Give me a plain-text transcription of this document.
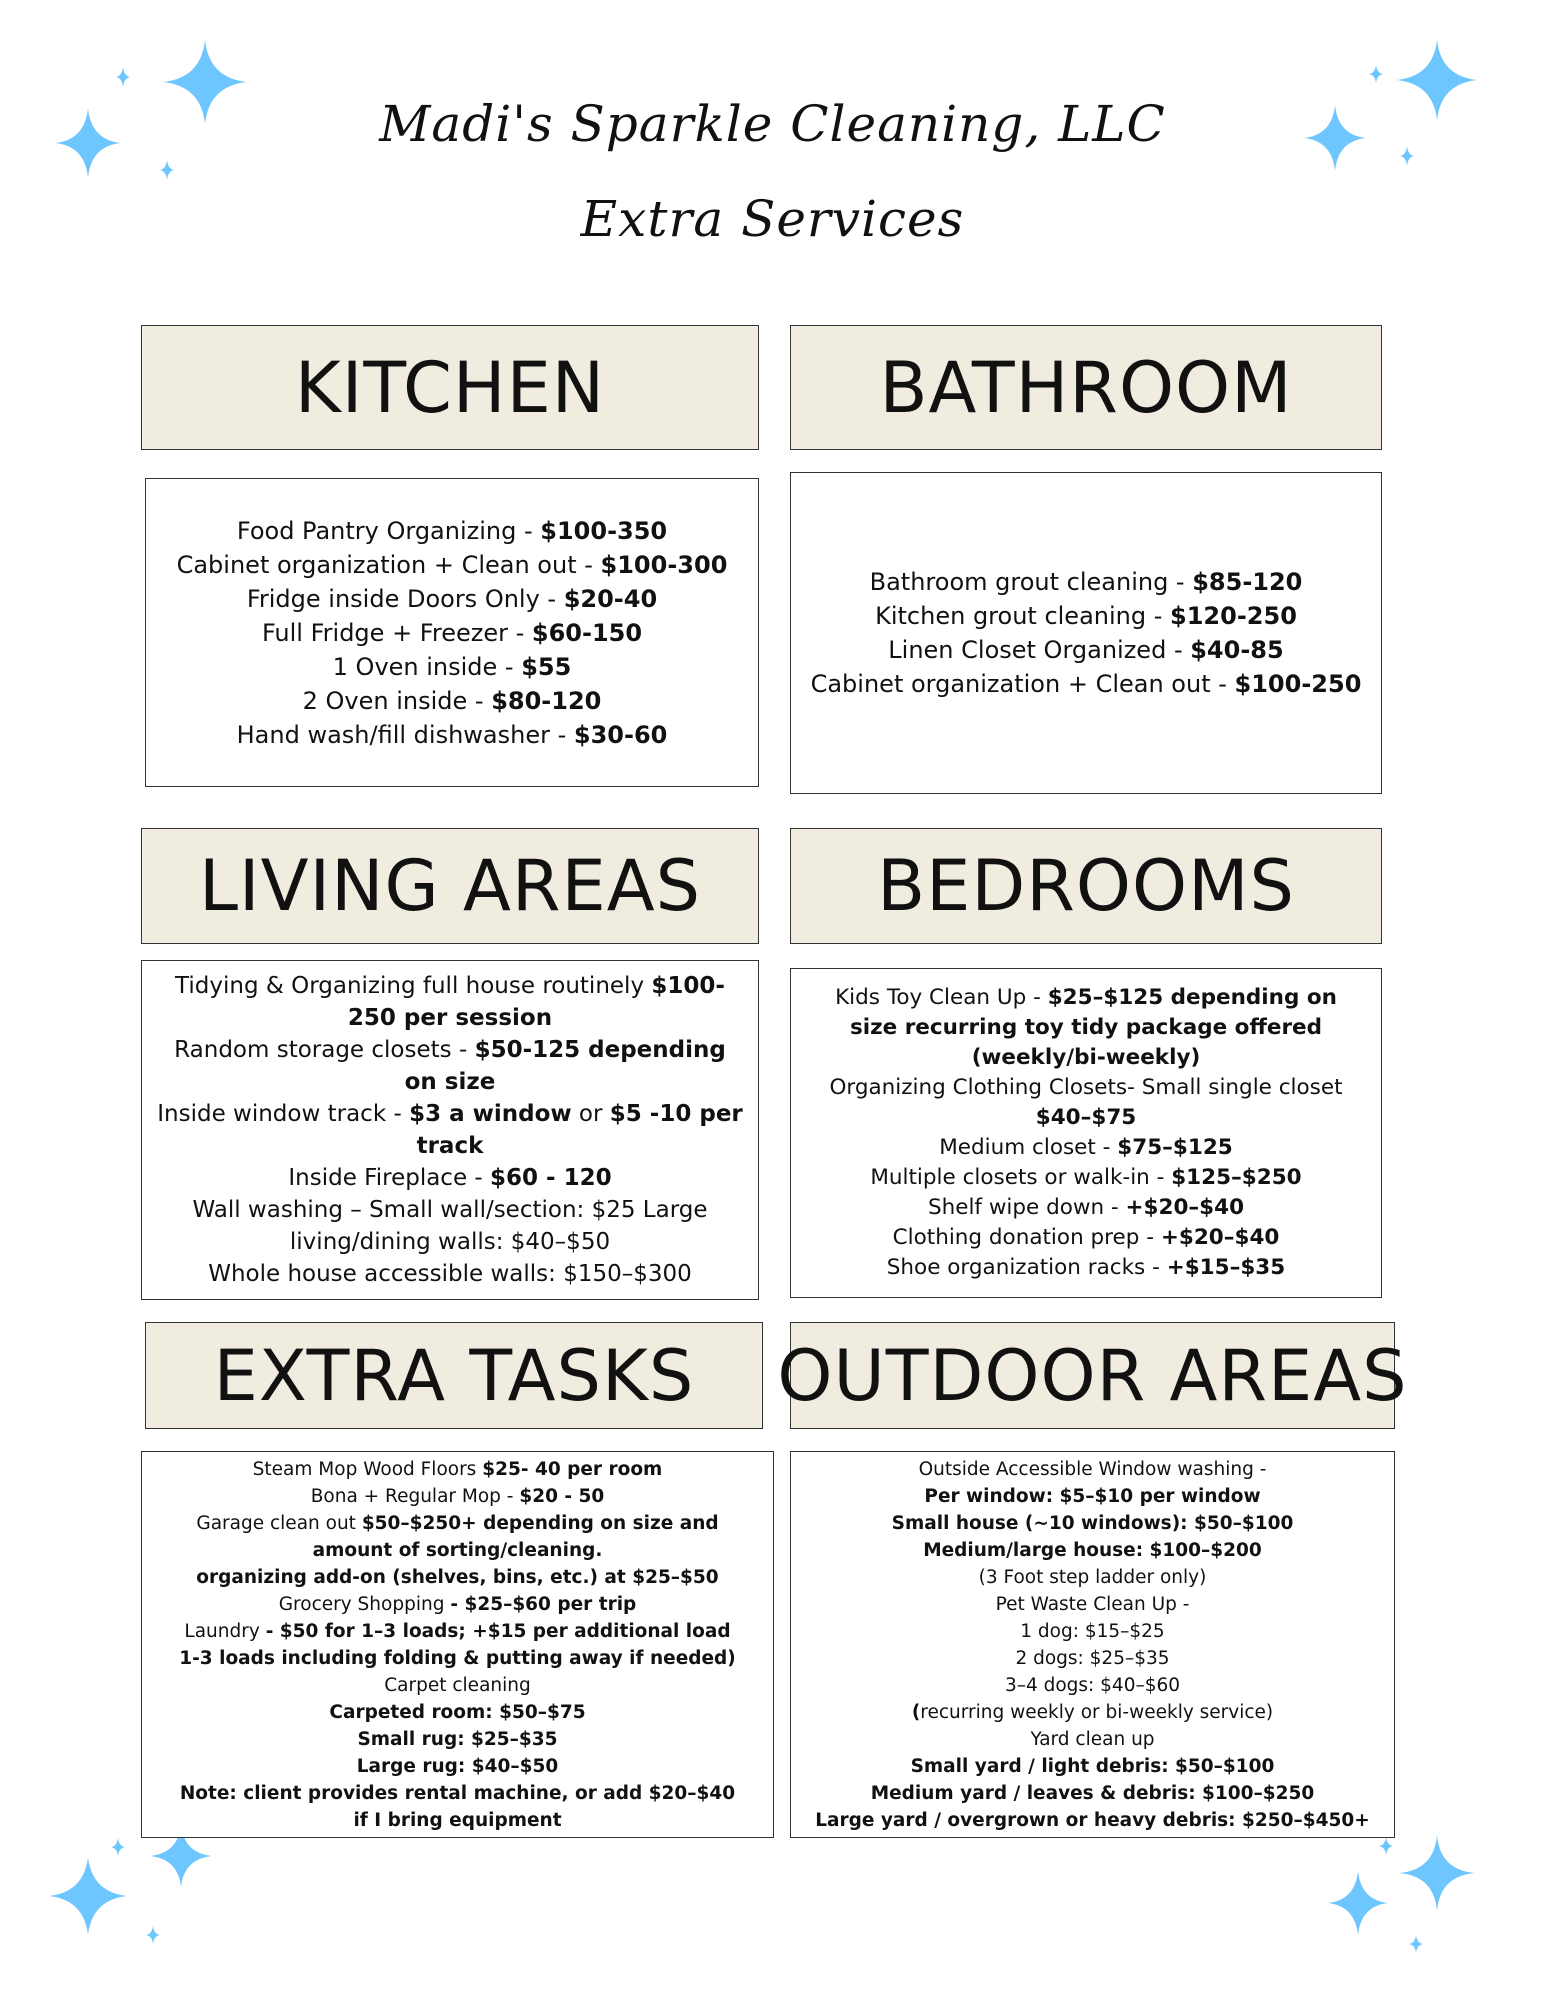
Madi's Sparkle Cleaning, LLC
Extra Services
KITCHEN	BATHROOM
LIVING AREAS	BEDROOMS
EXTRA TASKS	OUTDOOR AREAS

Food Pantry Organizing - $100-350

Cabinet organization + Clean out - $100-300

Fridge inside Doors Only - $20-40

Full Fridge + Freezer - $60-150

1 Oven inside - $55

2 Oven inside - $80-120

Hand wash/fill dishwasher - $30-60

Bathroom grout cleaning - $85-120

Kitchen grout cleaning - $120-250

Linen Closet Organized - $40-85

Cabinet organization + Clean out - $100-250

Tidying & Organizing full house routinely $100-250 per session

Random storage closets - $50-125 depending on size

Inside window track - $3 a window or $5 -10 per track

Inside Fireplace - $60 - 120

Wall washing – Small wall/section: $25 Large living/dining walls: $40–$50

Whole house accessible walls: $150–$300

Kids Toy Clean Up - $25–$125 depending on size recurring toy tidy package offered (weekly/bi-weekly)

Organizing Clothing Closets- Small single closet $40–$75

Medium closet - $75–$125

Multiple closets or walk-in - $125–$250

Shelf wipe down - +$20–$40

Clothing donation prep - +$20–$40

Shoe organization racks - +$15–$35

Steam Mop Wood Floors $25- 40 per room

Bona + Regular Mop - $20 - 50

Garage clean out $50–$250+ depending on size and amount of sorting/cleaning.

organizing add-on (shelves, bins, etc.) at $25–$50

Grocery Shopping - $25–$60 per trip

Laundry - $50 for 1–3 loads; +$15 per additional load

1-3 loads including folding & putting away if needed)

Carpet cleaning

Carpeted room: $50–$75

Small rug: $25–$35

Large rug: $40–$50

Note: client provides rental machine, or add $20–$40 if I bring equipment

Outside Accessible Window washing -

Per window: $5–$10 per window

Small house (~10 windows): $50–$100

Medium/large house: $100–$200

(3 Foot step ladder only)

Pet Waste Clean Up -

1 dog: $15–$25

2 dogs: $25–$35

3–4 dogs: $40–$60

(recurring weekly or bi-weekly service)

Yard clean up

Small yard / light debris: $50–$100

Medium yard / leaves & debris: $100–$250

Large yard / overgrown or heavy debris: $250–$450+
